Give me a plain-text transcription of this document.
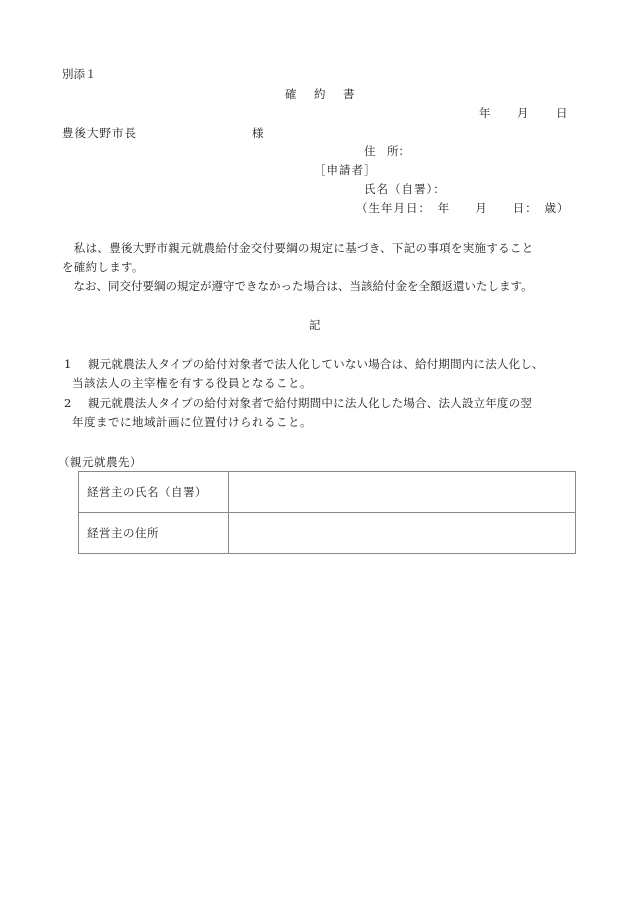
別添１
確　約　書
年 月 日
豊後大野市長	様
住　所：
［申請者］
氏名（自署）：
（生年月日：　年　　月　　日：　歳）
　私は、豊後大野市親元就農給付金交付要綱の規定に基づき、下記の事項を実施すること
を確約します。
　なお、同交付要綱の規定が遵守できなかった場合は、当該給付金を全額返還いたします。
記
1 親元就農法人タイプの給付対象者で法人化していない場合は、給付期間内に法人化し、
当該法人の主宰権を有する役員となること。
2 親元就農法人タイプの給付対象者で給付期間中に法人化した場合、法人設立年度の翌
年度までに地域計画に位置付けられること。
（親元就農先）
経営主の氏名（自署）	
経営主の住所	
